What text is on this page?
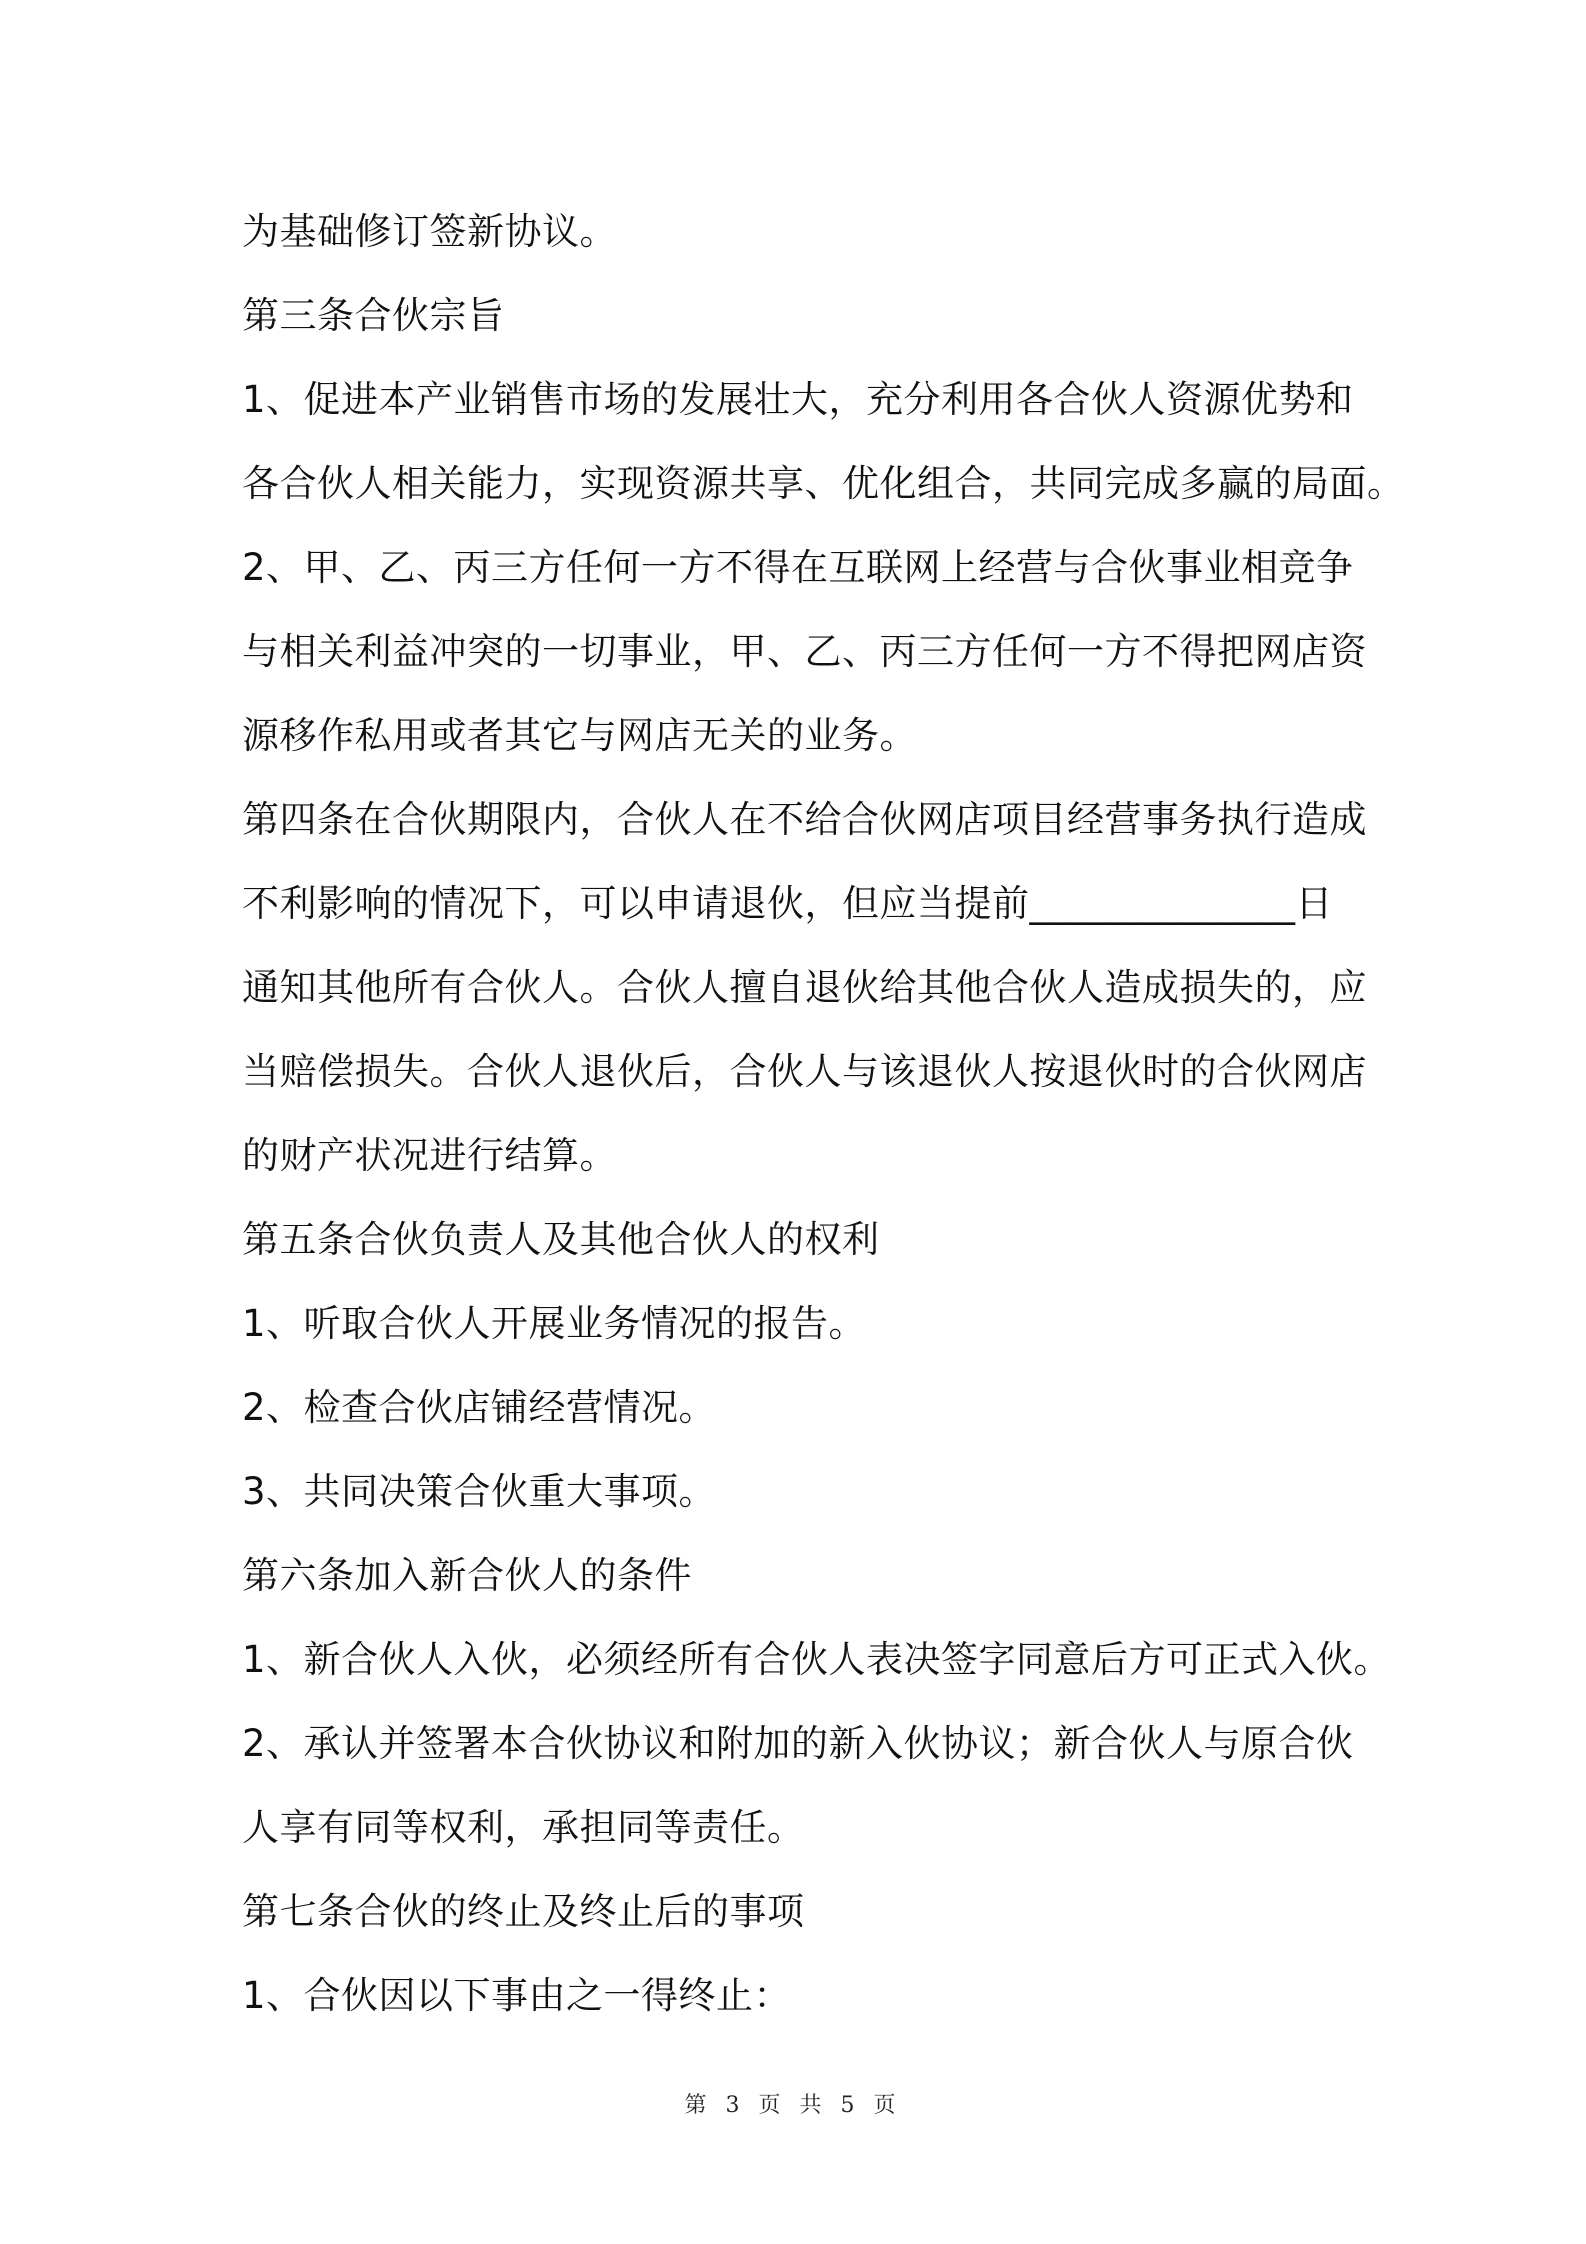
为基础修订签新协议。
第三条合伙宗旨
1、促进本产业销售市场的发展壮大，充分利用各合伙人资源优势和
各合伙人相关能力，实现资源共享、优化组合，共同完成多赢的局面。
2、甲、乙、丙三方任何一方不得在互联网上经营与合伙事业相竞争
与相关利益冲突的一切事业，甲、乙、丙三方任何一方不得把网店资
源移作私用或者其它与网店无关的业务。
第四条在合伙期限内，合伙人在不给合伙网店项目经营事务执行造成
不利影响的情况下，可以申请退伙，但应当提前______________日
通知其他所有合伙人。合伙人擅自退伙给其他合伙人造成损失的，应
当赔偿损失。合伙人退伙后，合伙人与该退伙人按退伙时的合伙网店
的财产状况进行结算。
第五条合伙负责人及其他合伙人的权利
1、听取合伙人开展业务情况的报告。
2、检查合伙店铺经营情况。
3、共同决策合伙重大事项。
第六条加入新合伙人的条件
1、新合伙人入伙，必须经所有合伙人表决签字同意后方可正式入伙。
2、承认并签署本合伙协议和附加的新入伙协议；新合伙人与原合伙
人享有同等权利，承担同等责任。
第七条合伙的终止及终止后的事项
1、合伙因以下事由之一得终止：
第 3 页 共 5 页
